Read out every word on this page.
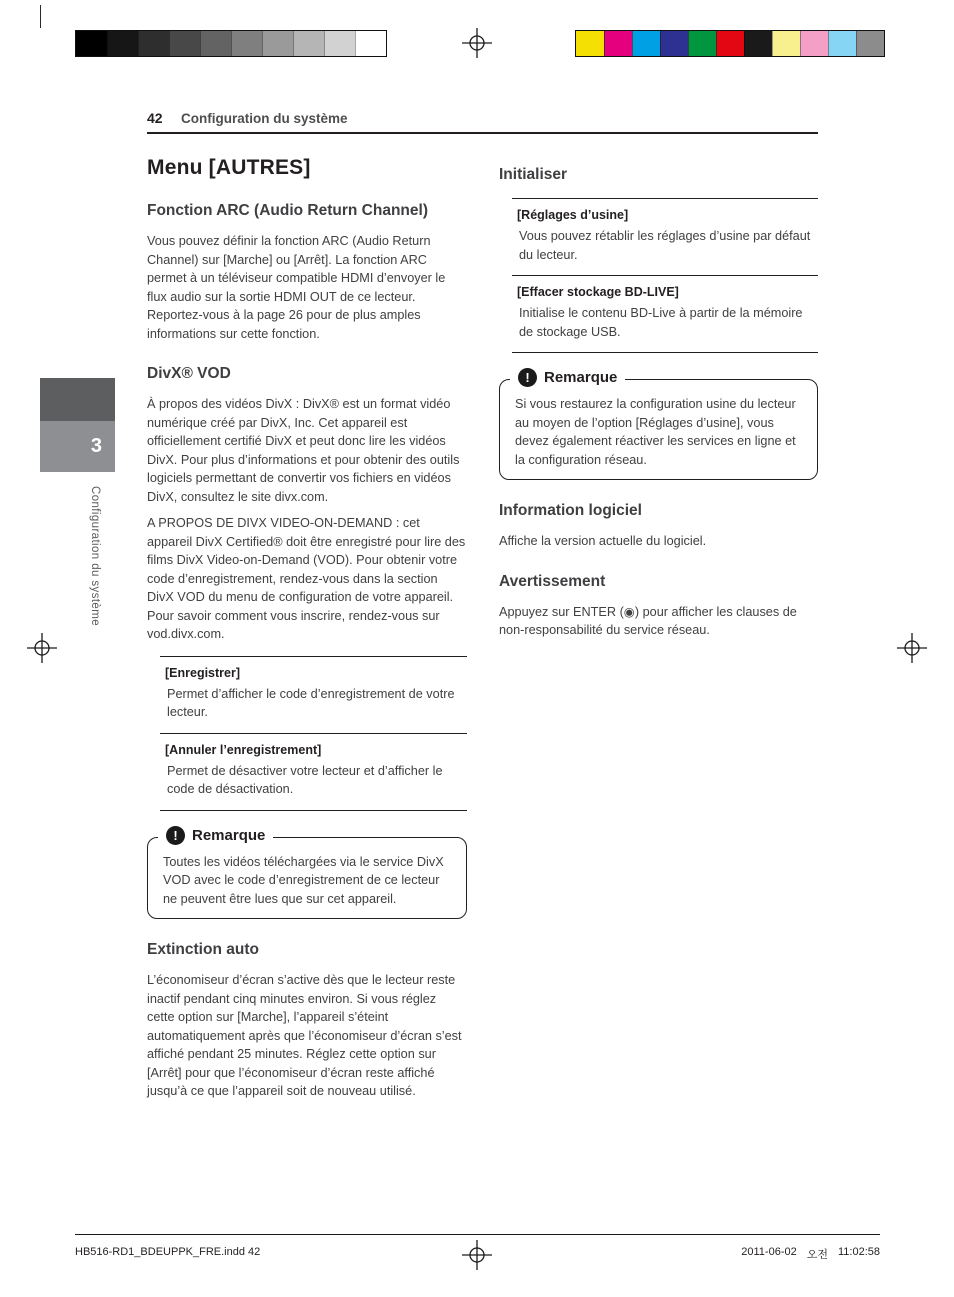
42 Configuration du système
3
Configuration du système
Menu [AUTRES]
Fonction ARC (Audio Return Channel)
Vous pouvez définir la fonction ARC (Audio Return Channel) sur [Marche] ou [Arrêt]. La fonction ARC permet à un téléviseur compatible HDMI d’envoyer le flux audio sur la sortie HDMI OUT de ce lecteur. Reportez-vous à la page 26 pour de plus amples informations sur cette fonction.
DivX® VOD
À propos des vidéos DivX : DivX® est un format vidéo numérique créé par DivX, Inc. Cet appareil est officiellement certifié DivX et peut donc lire les vidéos DivX. Pour plus d’informations et pour obtenir des outils logiciels permettant de convertir vos fichiers en vidéos DivX, consultez le site divx.com.
A PROPOS DE DIVX VIDEO-ON-DEMAND : cet appareil DivX Certified® doit être enregistré pour lire des films DivX Video-on-Demand (VOD). Pour obtenir votre code d’enregistrement, rendez-vous dans la section DivX VOD du menu de configuration de votre appareil. Pour savoir comment vous inscrire, rendez-vous sur vod.divx.com.
[Enregistrer]
Permet d’afficher le code d’enregistrement de votre lecteur.
[Annuler l’enregistrement]
Permet de désactiver votre lecteur et d’afficher le code de désactivation.
! Remarque
Toutes les vidéos téléchargées via le service DivX VOD avec le code d’enregistrement de ce lecteur ne peuvent être lues que sur cet appareil.
Extinction auto
L’économiseur d’écran s’active dès que le lecteur reste inactif pendant cinq minutes environ. Si vous réglez cette option sur [Marche], l’appareil s’éteint automatiquement après que l’économiseur d’écran s’est affiché pendant 25 minutes. Réglez cette option sur [Arrêt] pour que l’économiseur d’écran reste affiché jusqu’à ce que l’appareil soit de nouveau utilisé.
Initialiser
[Réglages d’usine]
Vous pouvez rétablir les réglages d’usine par défaut du lecteur.
[Effacer stockage BD-LIVE]
Initialise le contenu BD-Live à partir de la mémoire de stockage USB.
! Remarque
Si vous restaurez la configuration usine du lecteur au moyen de l’option [Réglages d’usine], vous devez également réactiver les services en ligne et la configuration réseau.
Information logiciel
Affiche la version actuelle du logiciel.
Avertissement
Appuyez sur ENTER (◉) pour afficher les clauses de non-responsabilité du service réseau.
HB516-RD1_BDEUPPK_FRE.indd 42	2011-06-02 오전 11:02:58
